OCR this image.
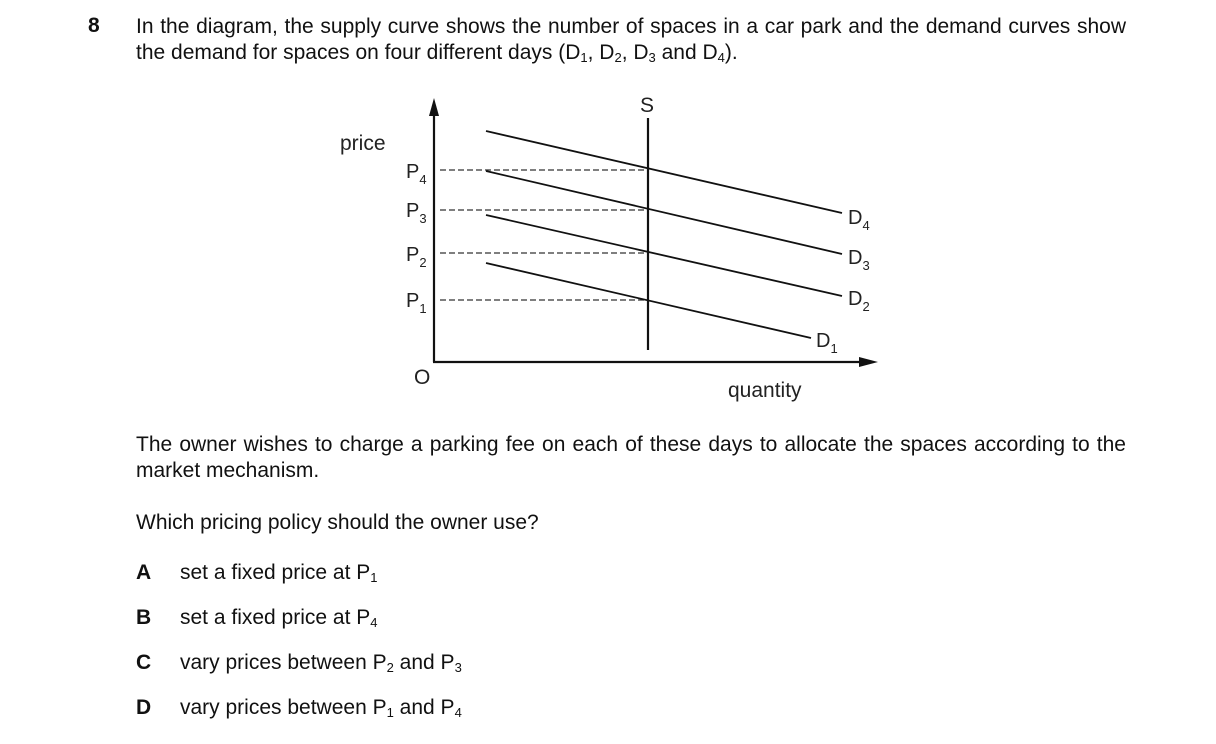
8 In the diagram, the supply curve shows the number of spaces in a car park and the demand curves show the demand for spaces on four different days ($D_1$, $D_2$, $D_3$ and $D_4$).
price
quantity
O
S
$P_4$
$P_3$
$P_2$
$P_1$
$D_4$
$D_3$
$D_2$
$D_1$
The owner wishes to charge a parking fee on each of these days to allocate the spaces according to the market mechanism.
Which pricing policy should the owner use?
A set a fixed price at $P_1$
B set a fixed price at $P_4$
C vary prices between $P_2$ and $P_3$
D vary prices between $P_1$ and $P_4$
